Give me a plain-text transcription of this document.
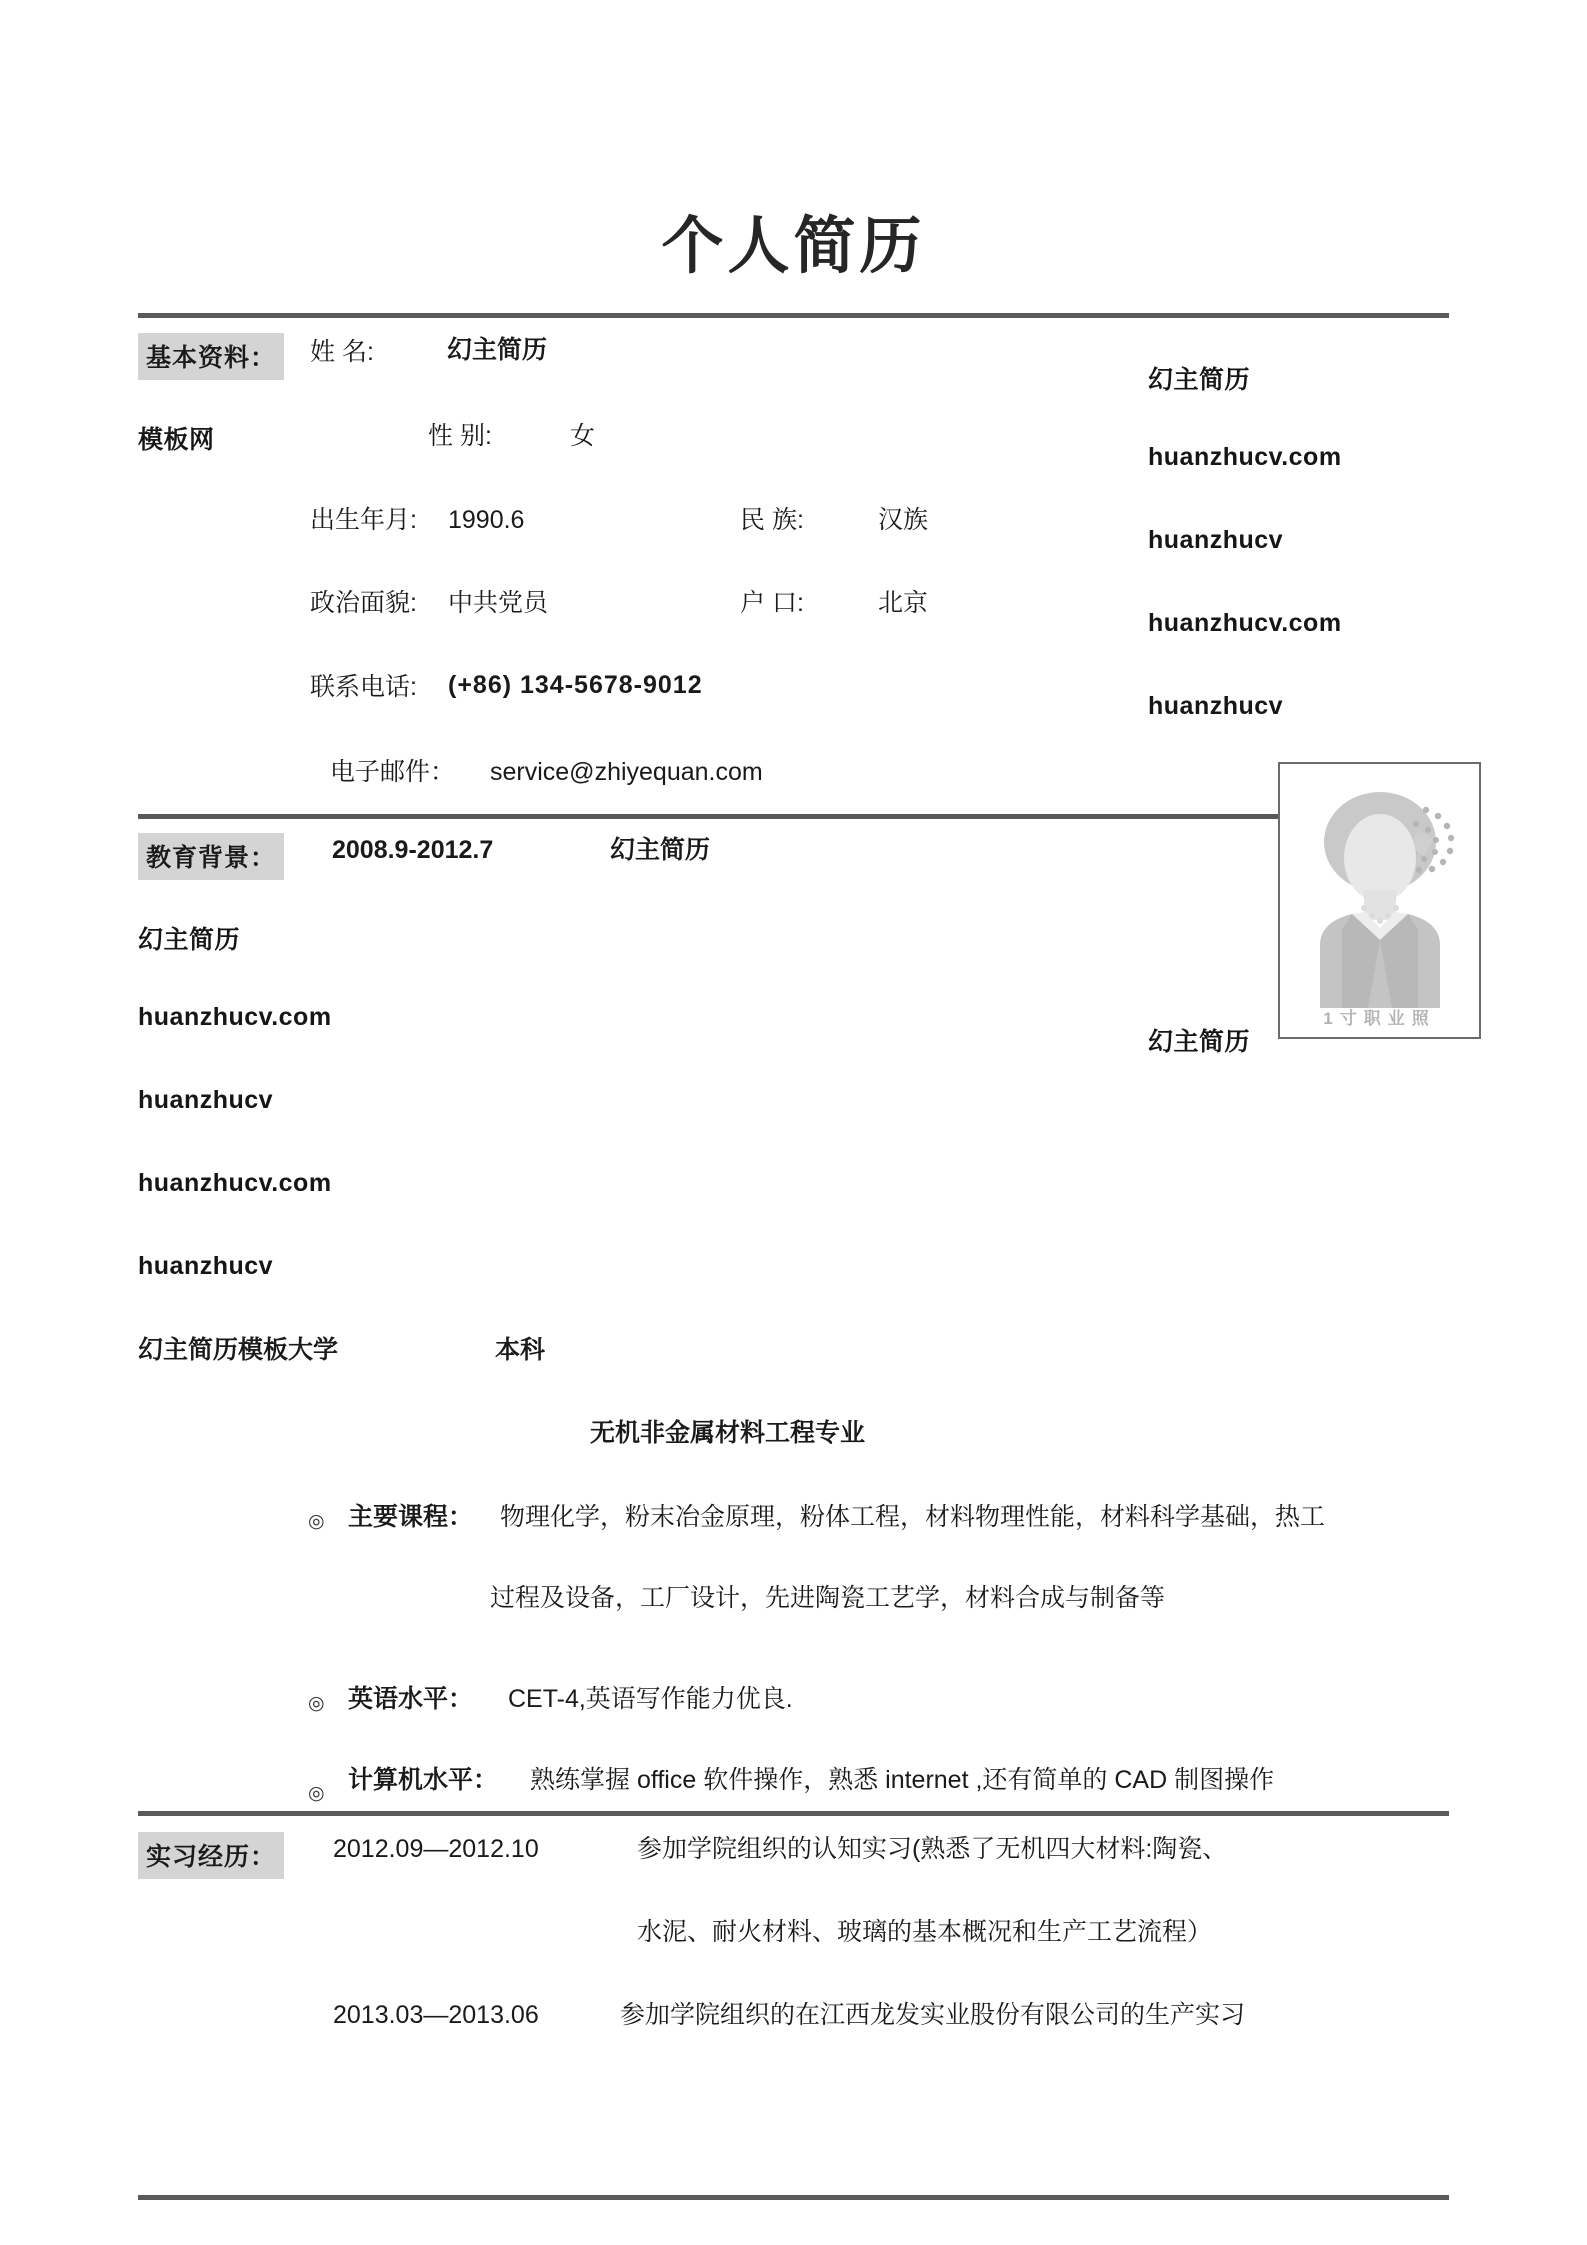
个人简历
基本资料：	姓 名:	幻主简历
模板网	性 别:	女
出生年月: 1990.6	民 族:	汉族
政治面貌: 中共党员	户 口:	北京
联系电话: (+86) 134-5678-9012
电子邮件： service@zhiyequan.com
幻主简历
huanzhucv.com
huanzhucv
huanzhucv.com
huanzhucv
幻主简历
1寸职业照
教育背景：	2008.9-2012.7	幻主简历
幻主简历
huanzhucv.com
huanzhucv
huanzhucv.com
huanzhucv
幻主简历模板大学	本科
无机非金属材料工程专业
◎ 主要课程： 物理化学，粉末冶金原理，粉体工程，材料物理性能，材料科学基础，热工
过程及设备，工厂设计，先进陶瓷工艺学，材料合成与制备等
◎ 英语水平： CET-4,英语写作能力优良.
◎ 计算机水平： 熟练掌握 office 软件操作，熟悉 internet ,还有简单的 CAD 制图操作
实习经历：	2012.09—2012.10	参加学院组织的认知实习(熟悉了无机四大材料:陶瓷、
水泥、耐火材料、玻璃的基本概况和生产工艺流程）
2013.03—2013.06	参加学院组织的在江西龙发实业股份有限公司的生产实习
